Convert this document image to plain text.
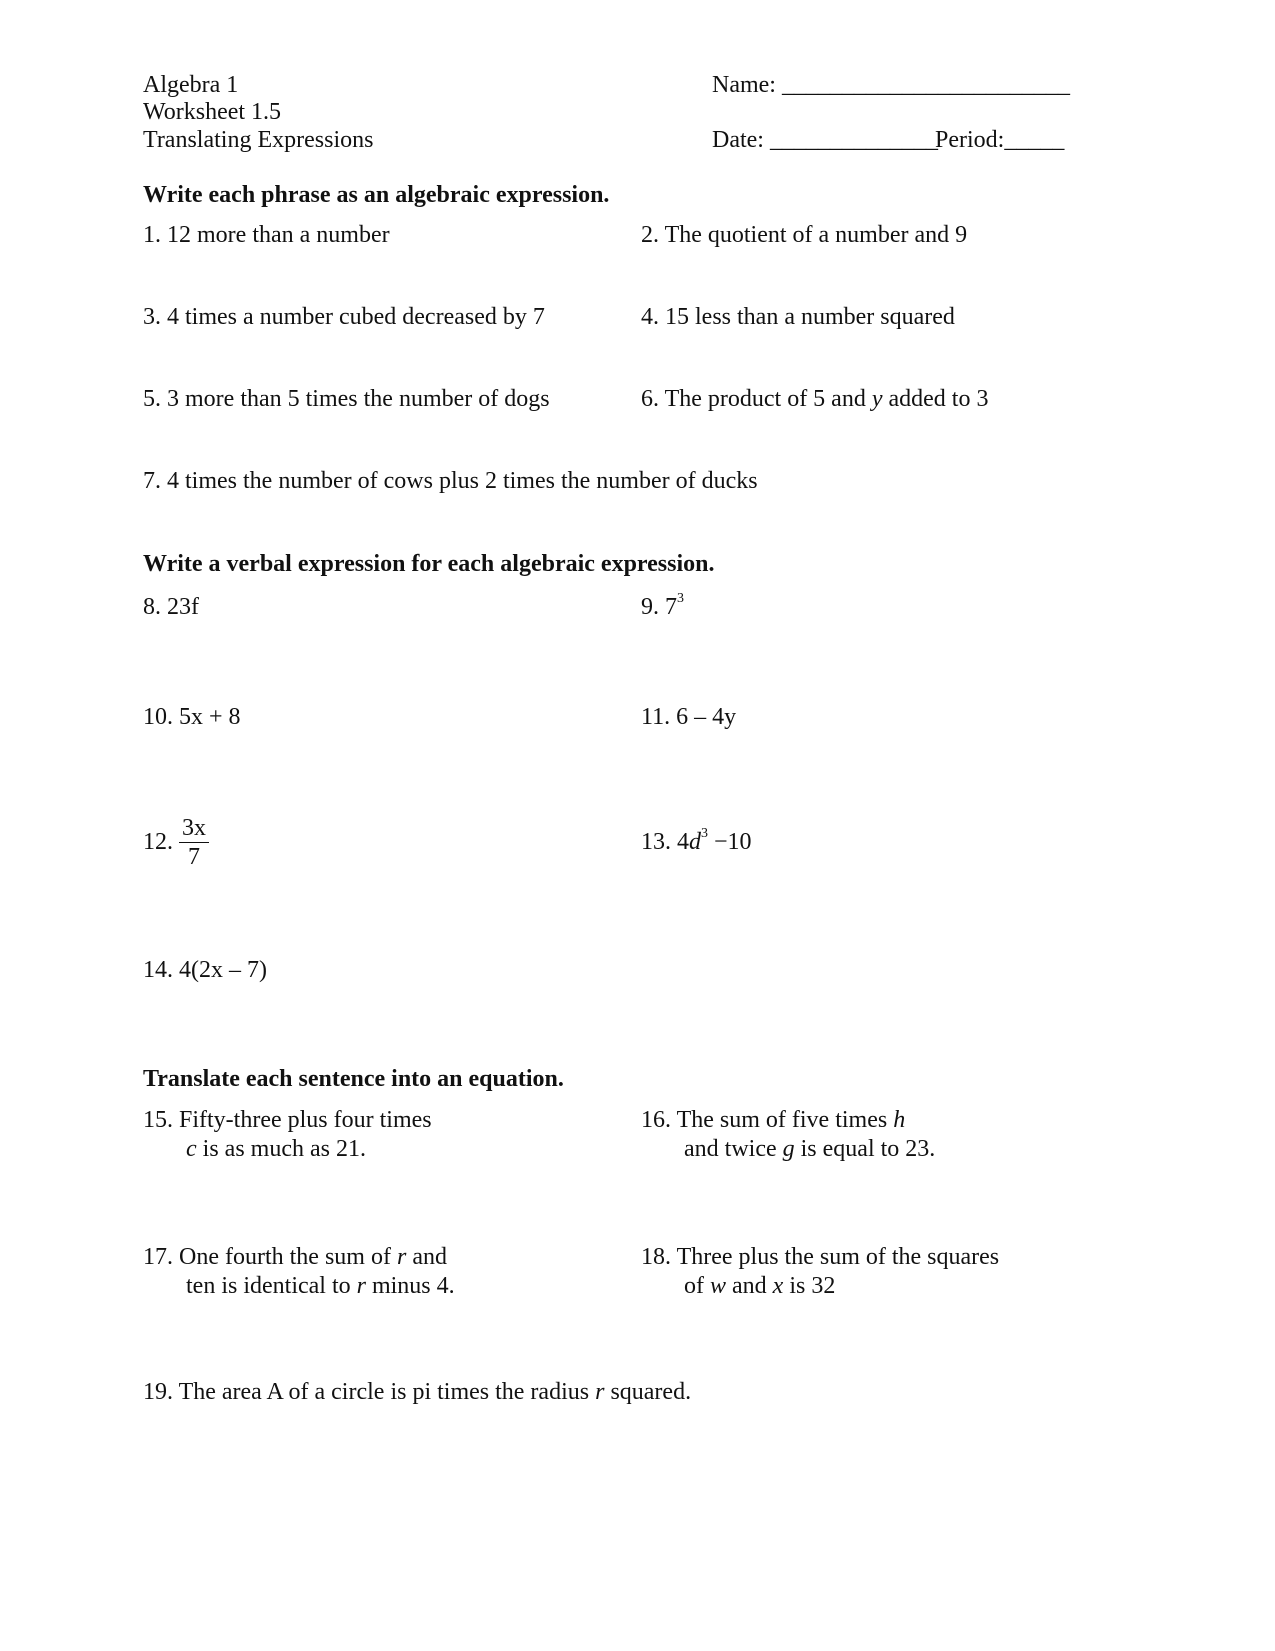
Algebra 1
Worksheet 1.5
Translating Expressions
Name: ________________________
Date: ______________
Period:_____
Write each phrase as an algebraic expression.
1. 12 more than a number	2. The quotient of a number and 9
3. 4 times a number cubed decreased by 7	4. 15 less than a number squared
5. 3 more than 5 times the number of dogs	6. The product of 5 and y added to 3
7. 4 times the number of cows plus 2 times the number of ducks
Write a verbal expression for each algebraic expression.
8. 23f	9. $7^3$
10. 5x + 8	11. 6 – 4y
12. $\frac{3x}{7}$	13. $4d^3 -10$
14. 4(2x – 7)
Translate each sentence into an equation.
15. Fifty-three plus four times
c is as much as 21.
16. The sum of five times h
and twice g is equal to 23.
17. One fourth the sum of r and
ten is identical to r minus 4.
18. Three plus the sum of the squares
of w and x is 32
19. The area A of a circle is pi times the radius r squared.
